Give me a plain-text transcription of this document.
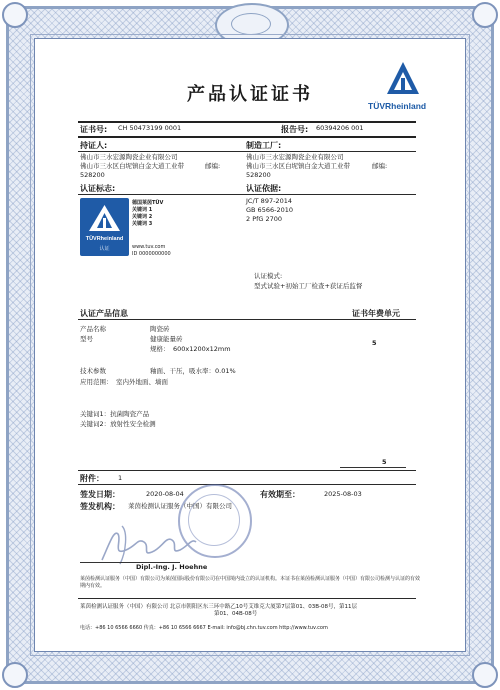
产品认证证书
TÜVRheinland
证书号: CH 50473199 0001	报告号: 60394206 001
持证人:	制造工厂:
佛山市三水宏源陶瓷企业有限公司
佛山市三水区白坭镇白金大道工业带	邮编:
528200
佛山市三水宏源陶瓷企业有限公司
佛山市三水区白坭镇白金大道工业带	邮编:
528200
认证标志:	认证依据:
TÜVRheinland
认证
德国莱茵TÜV
关键词 1
关键词 2
关键词 3
www.tuv.com
ID 0000000000
JC/T 897-2014
GB 6566-2010
2 PfG 2700
认证模式:
型式试验+初始工厂检查+获证后监督
认证产品信息	证书年费单元
产品名称	陶瓷砖
型号	健康能量砖
规格： 600x1200x12mm
5
技术参数	釉面、干压，吸水率：0.01%
应用范围： 室内外地面、墙面
关键词1：抗菌陶瓷产品
关键词2：放射性安全检测
5
附件： 1
签发日期：	2020-08-04	有效期至：	2025-08-03
签发机构： 莱茵检测认证服务（中国）有限公司
Dipl.-Ing. J. Hoehne
莱茵检测认证服务（中国）有限公司为莱茵国际股份有限公司在中国境内设立的认证机构。本证书在莱茵检测认证服务（中国）有限公司检测与认证的有效期内有效。
莱茵检测认证服务（中国）有限公司 北京市朝阳区东三环中路乙10号艾维克大厦第7层第01、03B-08号，第11层
第01、04B-08号
电话：+86 10 6566 6660 传真：+86 10 6566 6667 E-mail: info@bj.chn.tuv.com http://www.tuv.com
